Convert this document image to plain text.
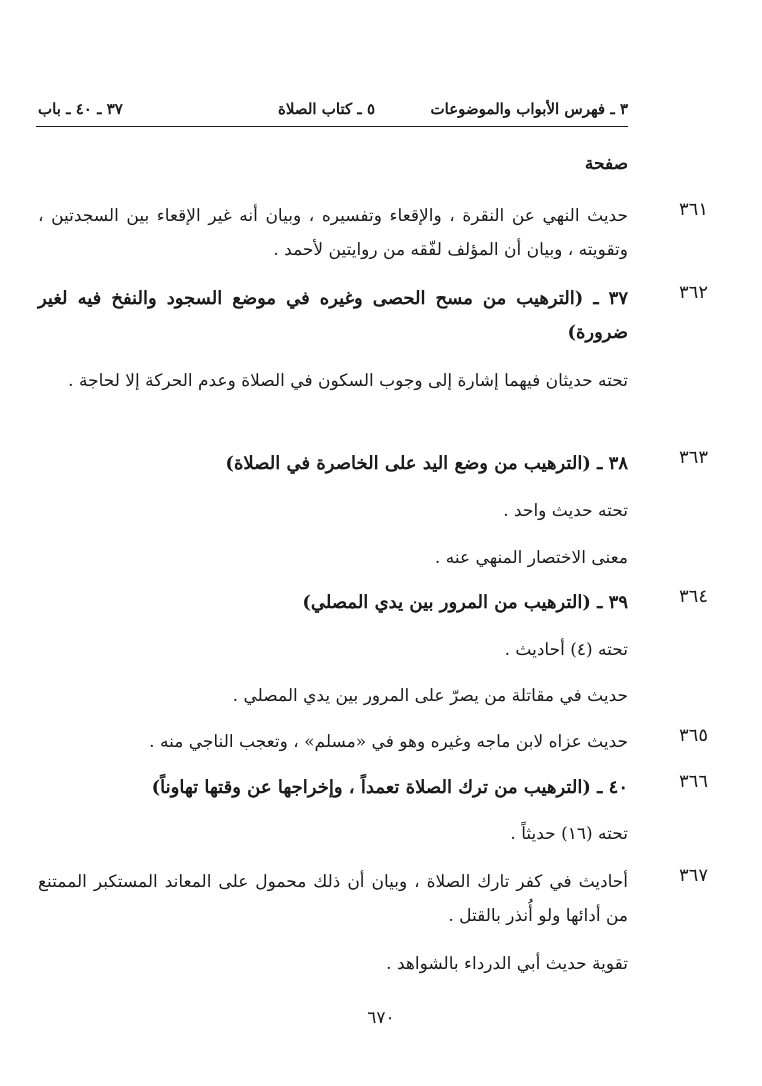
٣ ـ فهرس الأبواب والموضوعات
٥ ـ كتاب الصلاة
٣٧ ـ ٤٠ ـ باب
صفحة
٣٦١
حديث النهي عن النقرة ، والإقعاء وتفسيره ، وبيان أنه غير الإقعاء بين السجدتين ، وتقويته ، وبيان أن المؤلف لفّقه من روايتين لأحمد .
٣٦٢
٣٧ ـ (الترهيب من مسح الحصى وغيره في موضع السجود والنفخ فيه لغير ضرورة)
تحته حديثان فيهما إشارة إلى وجوب السكون في الصلاة وعدم الحركة إلا لحاجة .
٣٦٣
٣٨ ـ (الترهيب من وضع اليد على الخاصرة في الصلاة)
تحته حديث واحد .
معنى الاختصار المنهي عنه .
٣٦٤
٣٩ ـ (الترهيب من المرور بين يدي المصلي)
تحته (٤) أحاديث .
حديث في مقاتلة من يصرّ على المرور بين يدي المصلي .
٣٦٥
حديث عزاه لابن ماجه وغيره وهو في «مسلم» ، وتعجب الناجي منه .
٣٦٦
٤٠ ـ (الترهيب من ترك الصلاة تعمداً ، وإخراجها عن وقتها تهاوناً)
تحته (١٦) حديثاً .
٣٦٧
أحاديث في كفر تارك الصلاة ، وبيان أن ذلك محمول على المعاند المستكبر الممتنع من أدائها ولو أُنذر بالقتل .
تقوية حديث أبي الدرداء بالشواهد .
٦٧٠
